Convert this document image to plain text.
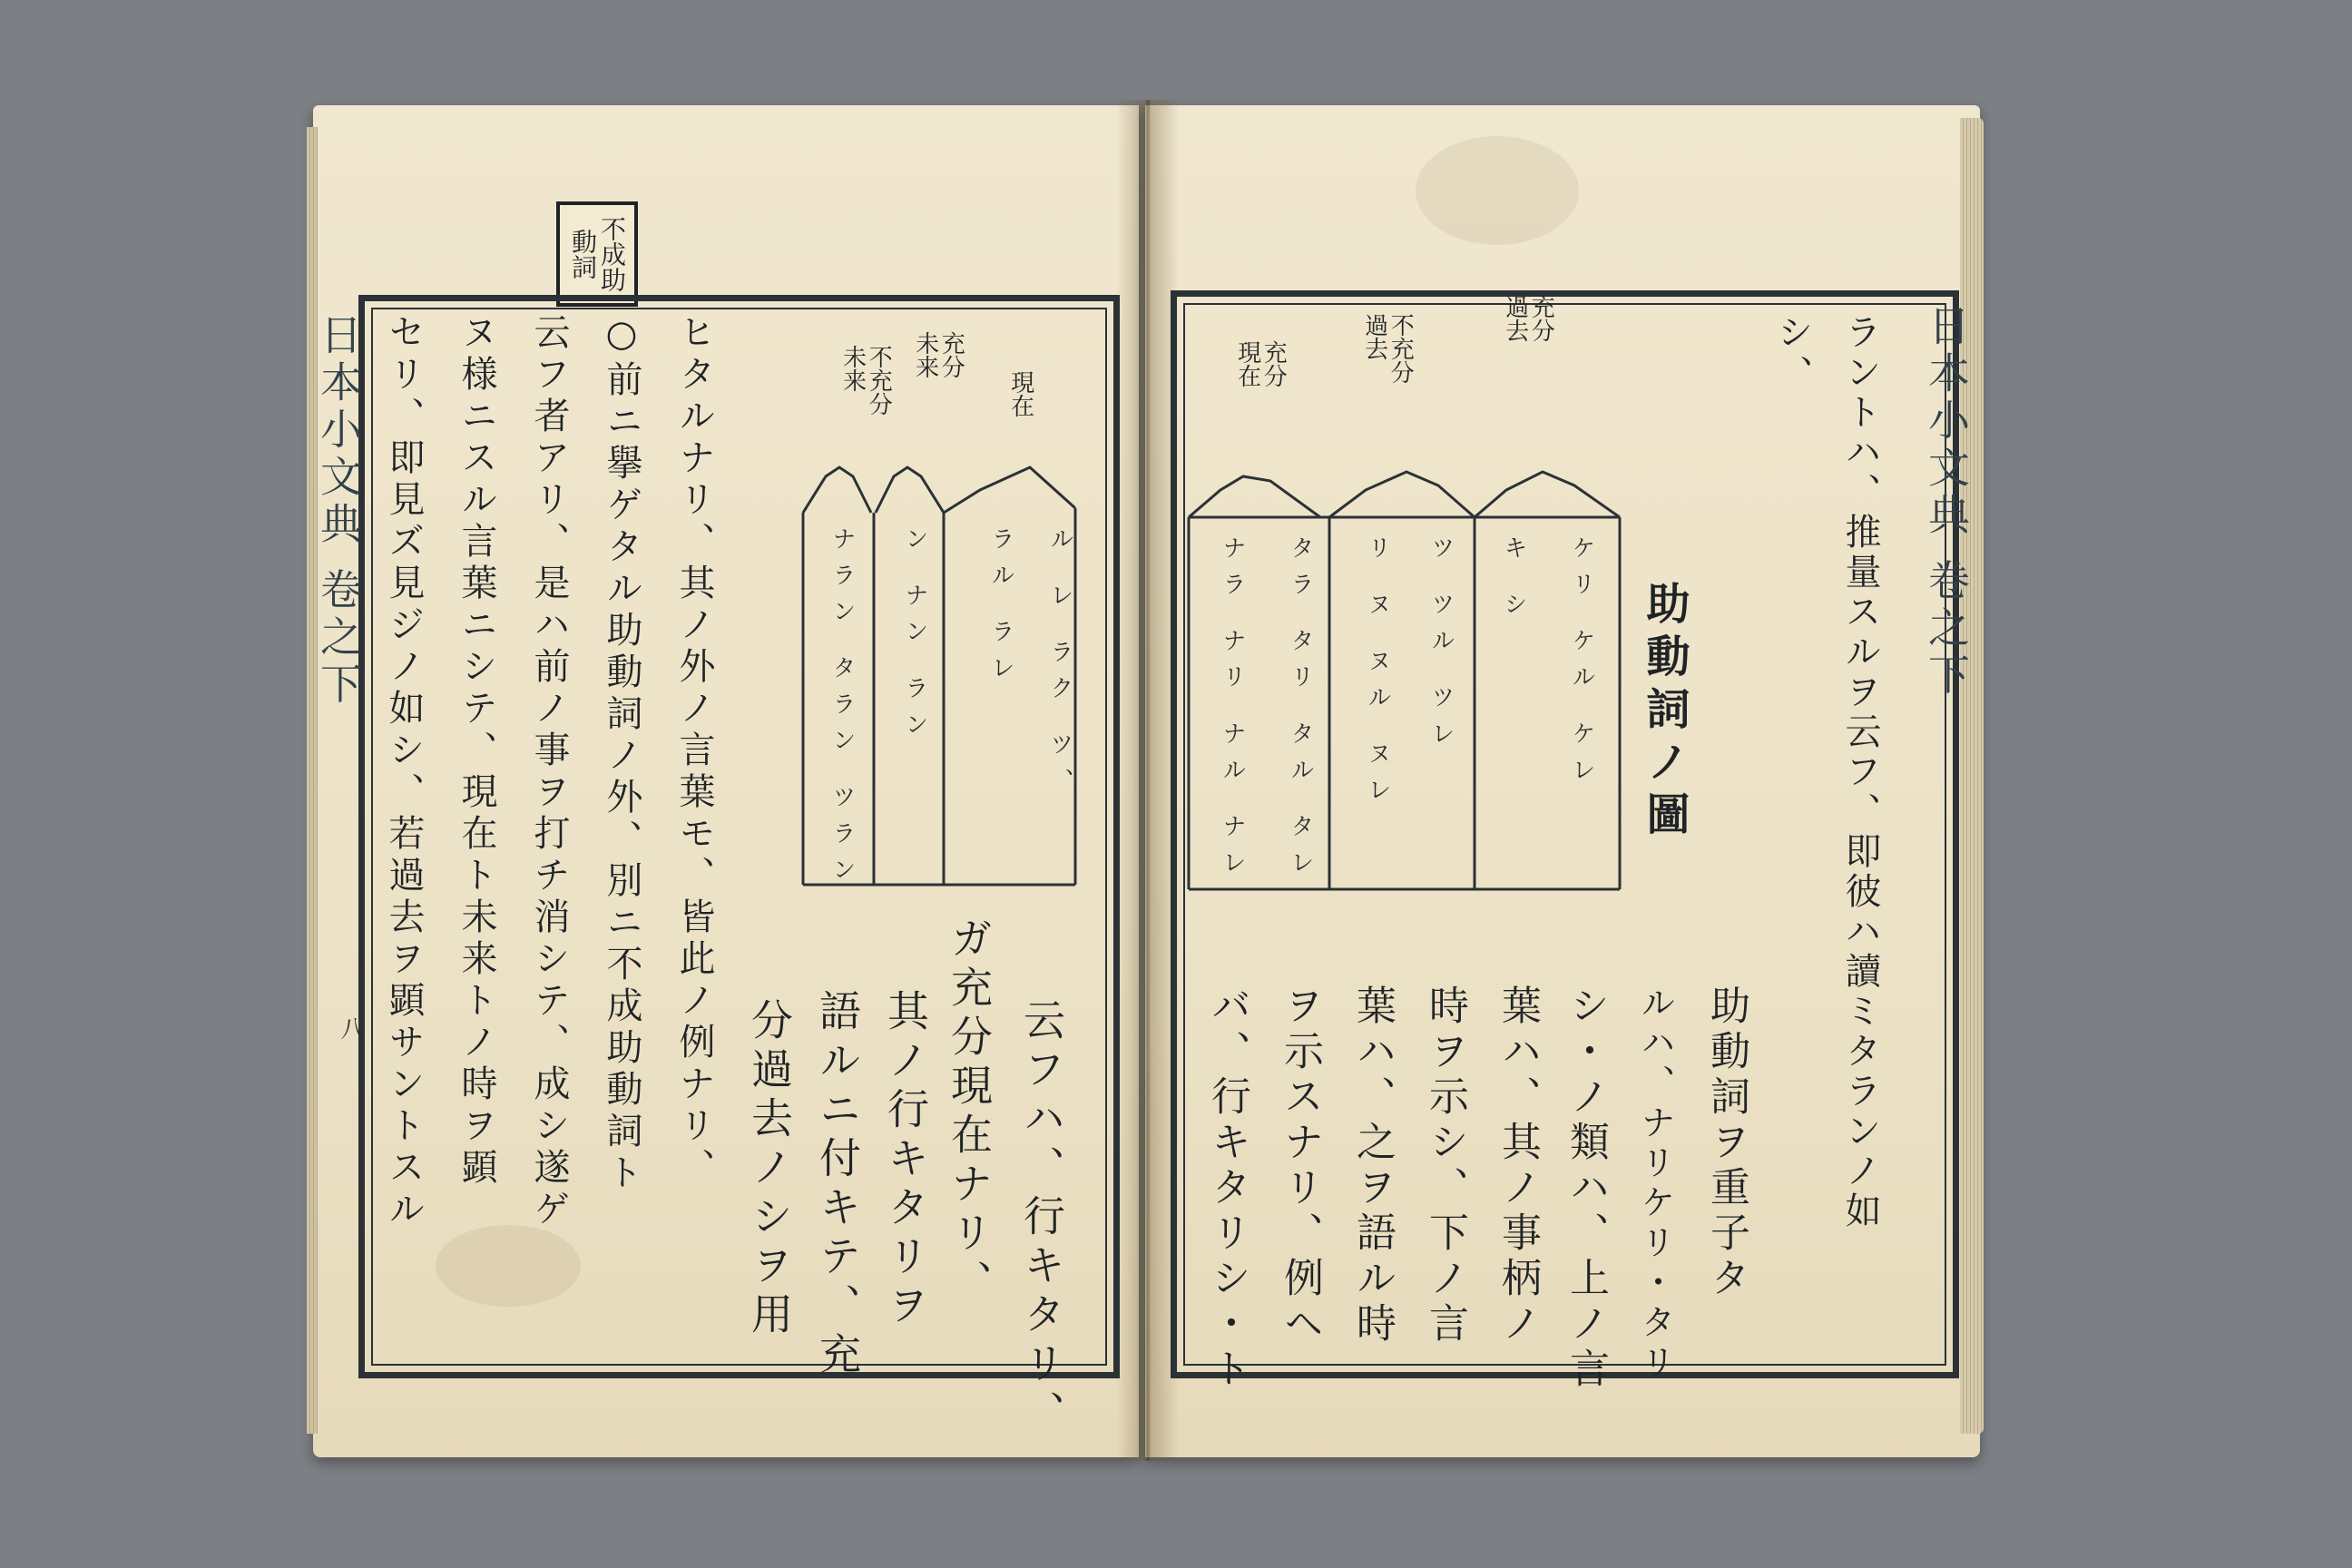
不成助
動詞
日本小文典 卷之下
八
現在
充分
未来
不充分
未来
ル レ ラク ツ、
ラル ラレ
ン ナン ラン
ナラン タラン ツラン
云フハ、行キタリ、
ガ充分現在ナリ、
其ノ行キタリヲ
語ルニ付キテ、充
分過去ノシヲ用
ヒタルナリ、其ノ外ノ言葉モ、皆此ノ例ナリ、
○前ニ擧ゲタル助動詞ノ外、別ニ不成助動詞ト
云フ者アリ、是ハ前ノ事ヲ打チ消シテ、成シ遂ゲ
ヌ様ニスル言葉ニシテ、現在ト未来トノ時ヲ顕
セリ、即見ズ見ジノ如シ、若過去ヲ顕サントスル	日本小文典 卷之下
ラントハ、推量スルヲ云フ、即彼ハ讀ミタランノ如
シ、
助動詞ノ圖
充分
過去
不充分
過去
充分
現在
ケリ ケル ケレ
キ シ
ツ ツル ツレ
リ ヌ ヌル ヌレ
タラ タリ タル タレ
ナラ ナリ ナル ナレ
助動詞ヲ重子タ
ルハ、ナリケリ・タリ
シ・ノ類ハ、上ノ言
葉ハ、其ノ事柄ノ
時ヲ示シ、下ノ言
葉ハ、之ヲ語ル時
ヲ示スナリ、例ヘ
バ、行キタリシ・ト
